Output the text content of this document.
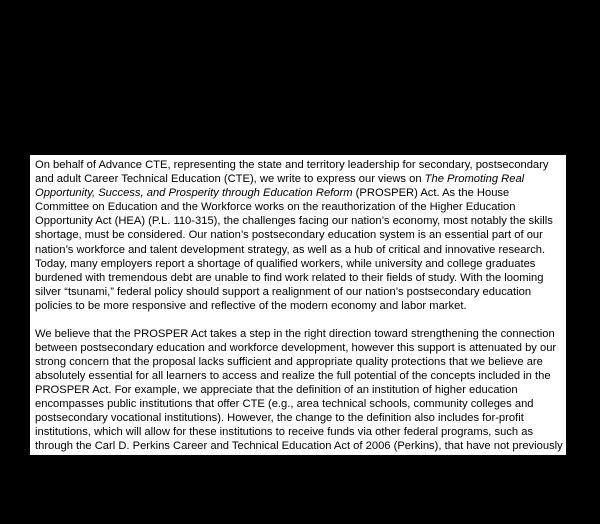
On behalf of Advance CTE, representing the state and territory leadership for secondary, postsecondary and adult Career Technical Education (CTE), we write to express our views on The Promoting Real Opportunity, Success, and Prosperity through Education Reform (PROSPER) Act. As the House Committee on Education and the Workforce works on the reauthorization of the Higher Education Opportunity Act (HEA) (P.L. 110-315), the challenges facing our nation’s economy, most notably the skills shortage, must be considered. Our nation’s postsecondary education system is an essential part of our nation’s workforce and talent development strategy, as well as a hub of critical and innovative research. Today, many employers report a shortage of qualified workers, while university and college graduates burdened with tremendous debt are unable to find work related to their fields of study. With the looming silver “tsunami,” federal policy should support a realignment of our nation’s postsecondary education policies to be more responsive and reflective of the modern economy and labor market.

We believe that the PROSPER Act takes a step in the right direction toward strengthening the connection between postsecondary education and workforce development, however this support is attenuated by our strong concern that the proposal lacks sufficient and appropriate quality protections that we believe are absolutely essential for all learners to access and realize the full potential of the concepts included in the PROSPER Act. For example, we appreciate that the definition of an institution of higher education encompasses public institutions that offer CTE (e.g., area technical schools, community colleges and postsecondary vocational institutions). However, the change to the definition also includes for-profit institutions, which will allow for these institutions to receive funds via other federal programs, such as through the Carl D. Perkins Career and Technical Education Act of 2006 (Perkins), that have not previously been eligible. We are concerned that without further refinement to this definition, this dramatic shift in eligibility would dilute an already limited investment in CTE to the degree that the funds received would have minimal impact and reach to meaningfully improve these programs and increase equitable access to them, which are the primary purposes of the Perkins Act. Furthermore, it is important to recognize that in connecting postsecondary
